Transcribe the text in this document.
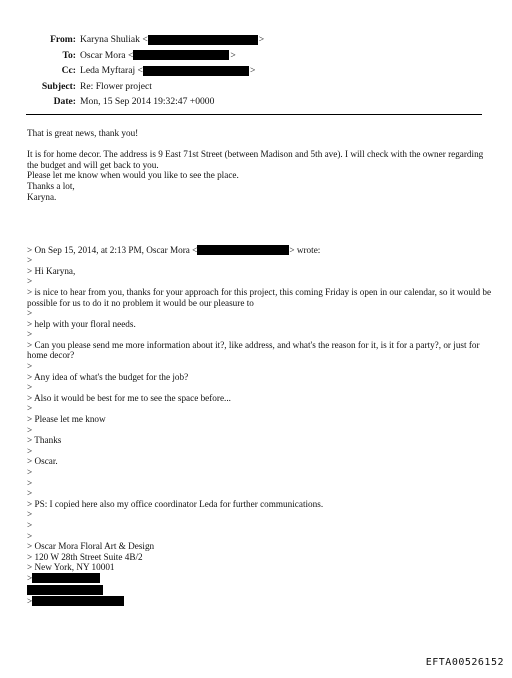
From: Karyna Shuliak <	>
To: Oscar Mora <	>
Cc: Leda Myftaraj <	>
Subject: Re: Flower project
Date: Mon, 15 Sep 2014 19:32:47 +0000
That is great news, thank you!
It is for home decor. The address is 9 East 71st Street (between Madison and 5th ave). I will check with the owner regarding the budget and will get back to you.
Please let me know when would you like to see the place.
Thanks a lot,
Karyna.
> On Sep 15, 2014, at 2:13 PM, Oscar Mora <	> wrote:
>
> Hi Karyna,
>
> is nice to hear from you, thanks for your approach for this project, this coming Friday is open in our calendar, so it would be possible for us to do it no problem it would be our pleasure to
>
> help with your floral needs.
>
> Can you please send me more information about it?, like address, and what's the reason for it, is it for a party?, or just for home decor?
>
> Any idea of what's the budget for the job?
>
> Also it would be best for me to see the space before...
>
> Please let me know
>
> Thanks
>
> Oscar.
>
>
>
> PS: I copied here also my office coordinator Leda for further communications.
>
>
>
> Oscar Mora Floral Art & Design
> 120 W 28th Street Suite 4B/2
> New York, NY 10001
>
>
EFTA00526152
